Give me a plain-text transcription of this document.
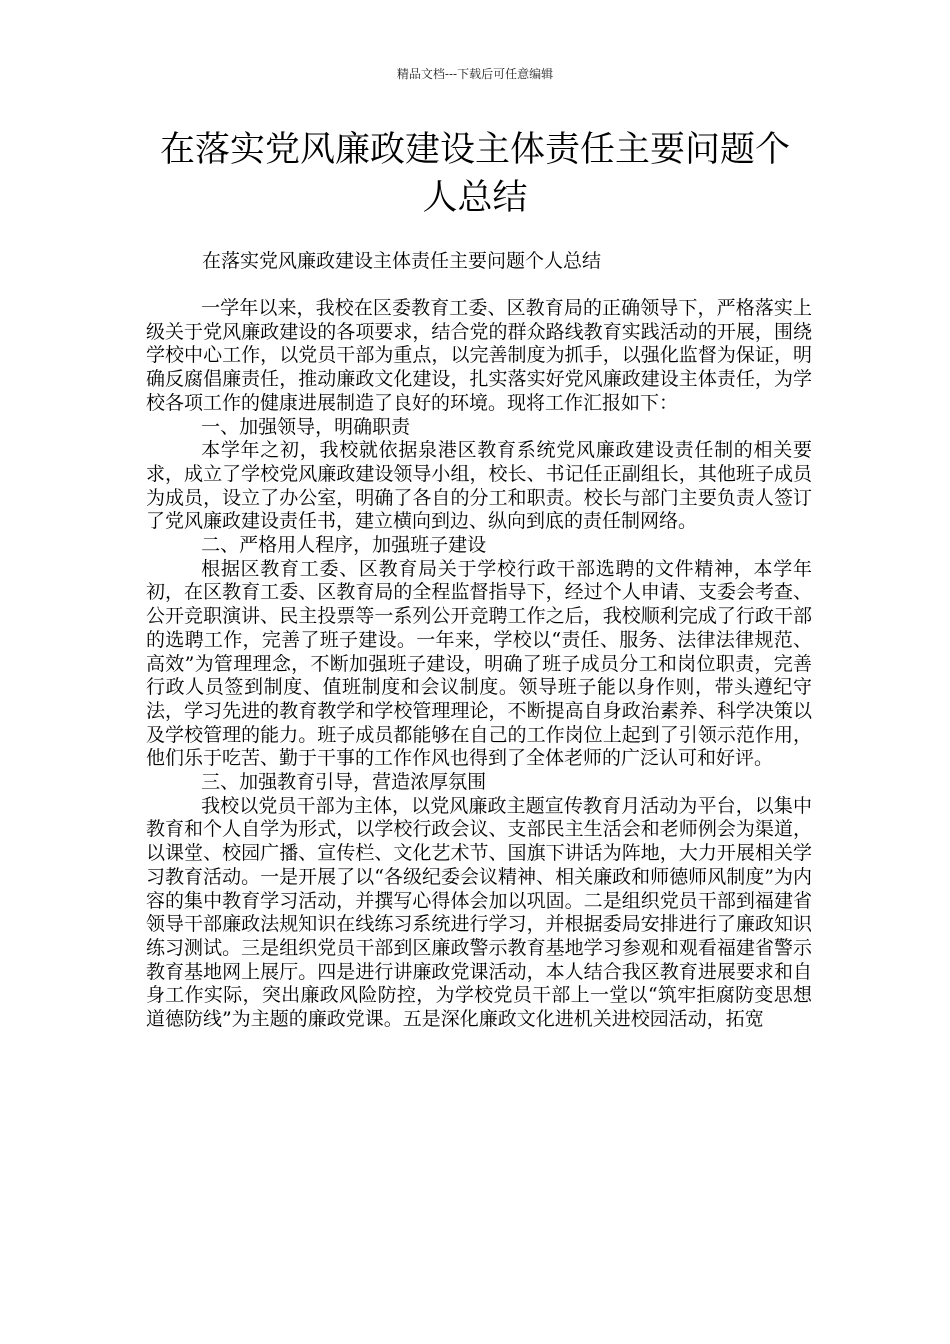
精品文档---下载后可任意编辑
在落实党风廉政建设主体责任主要问题个人总结
在落实党风廉政建设主体责任主要问题个人总结

一学年以来，我校在区委教育工委、区教育局的正确领导下，严格落实上级关于党风廉政建设的各项要求，结合党的群众路线教育实践活动的开展，围绕学校中心工作，以党员干部为重点，以完善制度为抓手，以强化监督为保证，明确反腐倡廉责任，推动廉政文化建设，扎实落实好党风廉政建设主体责任，为学校各项工作的健康进展制造了良好的环境。现将工作汇报如下：

一、加强领导，明确职责

本学年之初，我校就依据泉港区教育系统党风廉政建设责任制的相关要求，成立了学校党风廉政建设领导小组，校长、书记任正副组长，其他班子成员为成员，设立了办公室，明确了各自的分工和职责。校长与部门主要负责人签订了党风廉政建设责任书，建立横向到边、纵向到底的责任制网络。

二、严格用人程序，加强班子建设

根据区教育工委、区教育局关于学校行政干部选聘的文件精神，本学年初，在区教育工委、区教育局的全程监督指导下，经过个人申请、支委会考查、公开竞职演讲、民主投票等一系列公开竞聘工作之后，我校顺利完成了行政干部的选聘工作，完善了班子建设。一年来，学校以“责任、服务、法律法律规范、高效”为管理理念，不断加强班子建设，明确了班子成员分工和岗位职责，完善行政人员签到制度、值班制度和会议制度。领导班子能以身作则，带头遵纪守法，学习先进的教育教学和学校管理理论，不断提高自身政治素养、科学决策以及学校管理的能力。班子成员都能够在自己的工作岗位上起到了引领示范作用，他们乐于吃苦、勤于干事的工作作风也得到了全体老师的广泛认可和好评。

三、加强教育引导，营造浓厚氛围

我校以党员干部为主体，以党风廉政主题宣传教育月活动为平台，以集中教育和个人自学为形式，以学校行政会议、支部民主生活会和老师例会为渠道，以课堂、校园广播、宣传栏、文化艺术节、国旗下讲话为阵地，大力开展相关学习教育活动。一是开展了以“各级纪委会议精神、相关廉政和师德师风制度”为内容的集中教育学习活动，并撰写心得体会加以巩固。二是组织党员干部到福建省领导干部廉政法规知识在线练习系统进行学习，并根据委局安排进行了廉政知识练习测试。三是组织党员干部到区廉政警示教育基地学习参观和观看福建省警示教育基地网上展厅。四是进行讲廉政党课活动，本人结合我区教育进展要求和自身工作实际，突出廉政风险防控，为学校党员干部上一堂以“筑牢拒腐防变思想道德防线”为主题的廉政党课。五是深化廉政文化进机关进校园活动，拓宽
